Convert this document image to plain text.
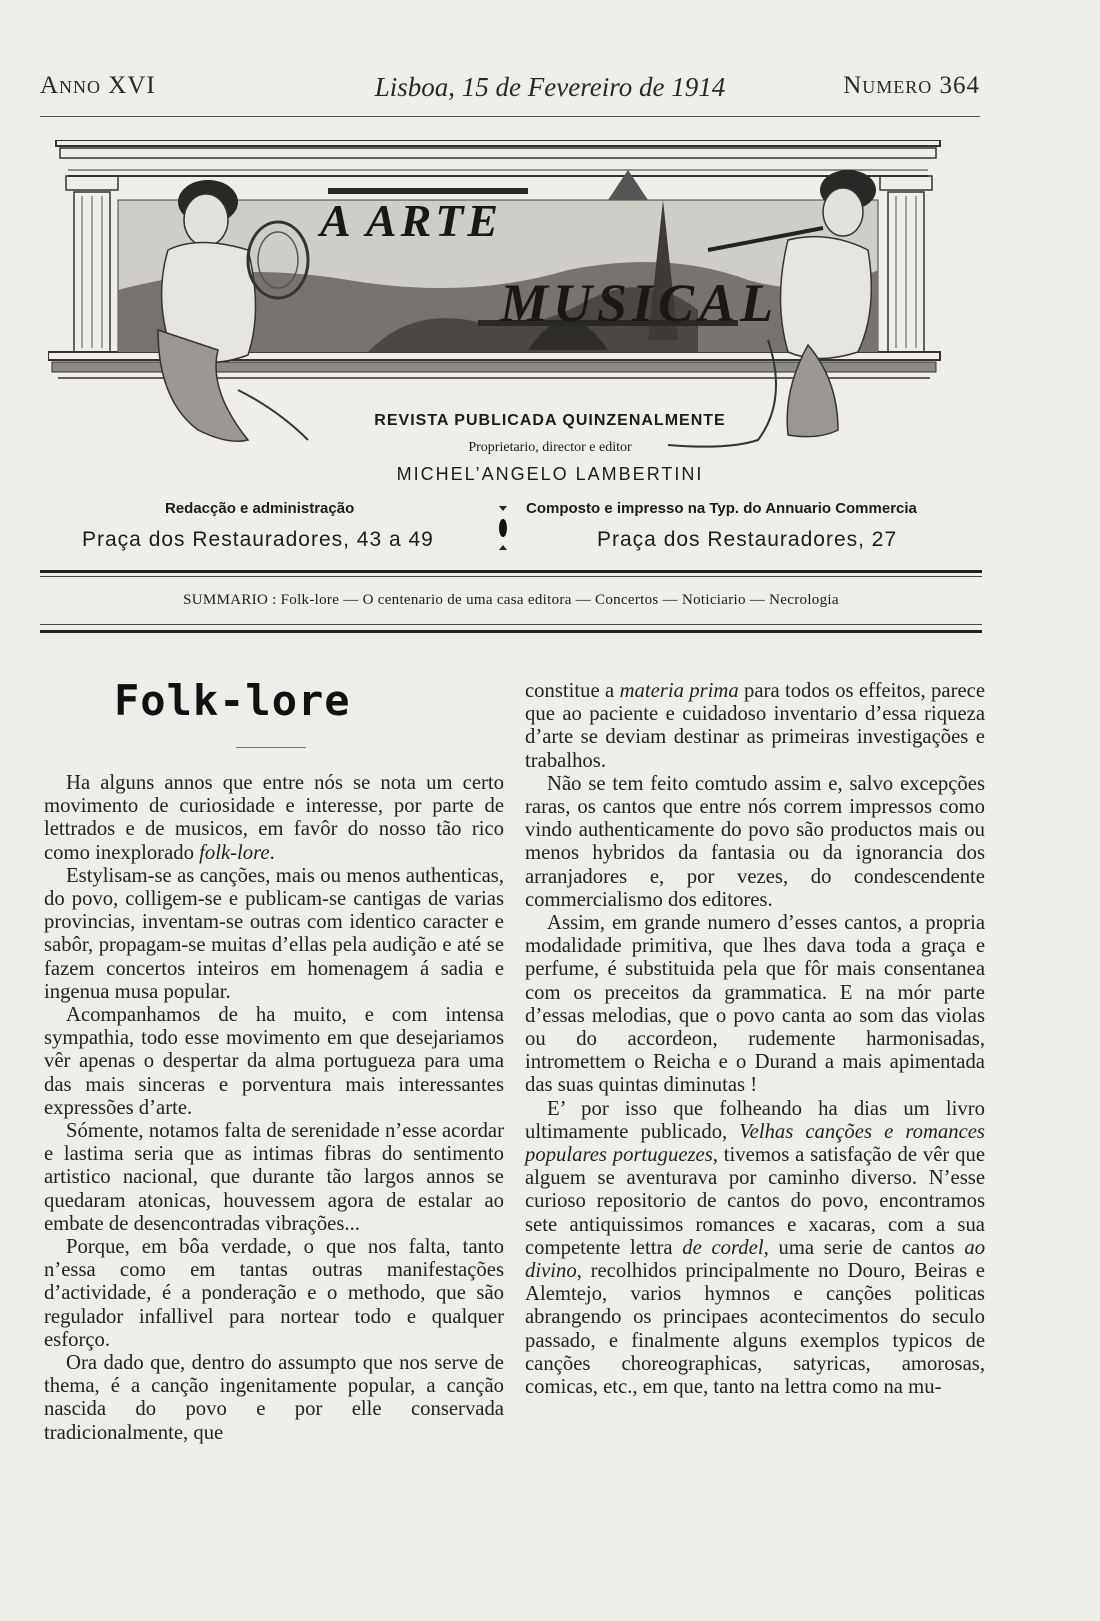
Anno XVI	Lisboa, 15 de Fevereiro de 1914	Numero 364
A ARTE
MUSICAL
REVISTA PUBLICADA QUINZENALMENTE
Proprietario, director e editor
MICHEL’ANGELO LAMBERTINI
Redacção e administração
Praça dos Restauradores, 43 a 49
Composto e impresso na Typ. do Annuario Commercia
Praça dos Restauradores, 27
SUMMARIO : Folk-lore — O centenario de uma casa editora — Concertos — Noticiario — Necrologia
Folk-lore

Ha alguns annos que entre nós se nota um certo movimento de curiosidade e interesse, por parte de lettrados e de musicos, em favôr do nosso tão rico como inexplorado folk-lore.

Estylisam-se as canções, mais ou menos authenticas, do povo, colligem-se e publicam-se cantigas de varias provincias, inventam-se outras com identico caracter e sabôr, propagam-se muitas d’ellas pela audição e até se fazem concertos inteiros em homenagem á sadia e ingenua musa popular.

Acompanhamos de ha muito, e com intensa sympathia, todo esse movimento em que desejariamos vêr apenas o despertar da alma portugueza para uma das mais sinceras e porventura mais interessantes expressões d’arte.

Sómente, notamos falta de serenidade n’esse acordar e lastima seria que as intimas fibras do sentimento artistico nacional, que durante tão largos annos se quedaram atonicas, houvessem agora de estalar ao embate de desencontradas vibrações...

Porque, em bôa verdade, o que nos falta, tanto n’essa como em tantas outras manifestações d’actividade, é a ponderação e o methodo, que são regulador infallivel para nortear todo e qualquer esforço.

Ora dado que, dentro do assumpto que nos serve de thema, é a canção ingenitamente popular, a canção nascida do povo e por elle conservada tradicionalmente, que

constitue a materia prima para todos os effeitos, parece que ao paciente e cuidadoso inventario d’essa riqueza d’arte se deviam destinar as primeiras investigações e trabalhos.

Não se tem feito comtudo assim e, salvo excepções raras, os cantos que entre nós correm impressos como vindo authenticamente do povo são productos mais ou menos hybridos da fantasia ou da ignorancia dos arranjadores e, por vezes, do condescendente commercialismo dos editores.

Assim, em grande numero d’esses cantos, a propria modalidade primitiva, que lhes dava toda a graça e perfume, é substituida pela que fôr mais consentanea com os preceitos da grammatica. E na mór parte d’essas melodias, que o povo canta ao som das violas ou do accordeon, rudemente harmonisadas, intromettem o Reicha e o Durand a mais apimentada das suas quintas diminutas !

E’ por isso que folheando ha dias um livro ultimamente publicado, Velhas canções e romances populares portuguezes, tivemos a satisfação de vêr que alguem se aventurava por caminho diverso. N’esse curioso repositorio de cantos do povo, encontramos sete antiquissimos romances e xacaras, com a sua competente lettra de cordel, uma serie de cantos ao divino, recolhidos principalmente no Douro, Beiras e Alemtejo, varios hymnos e canções politicas abrangendo os principaes acontecimentos do seculo passado, e finalmente alguns exemplos typicos de canções choreographicas, satyricas, amorosas, comicas, etc., em que, tanto na lettra como na mu-
